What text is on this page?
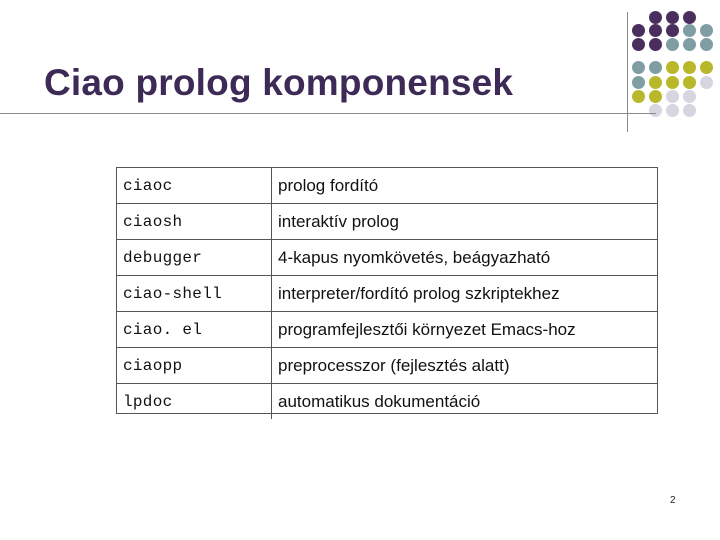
Ciao prolog komponensek
ciaoc	prolog fordító
ciaosh	interaktív prolog
debugger	4-kapus nyomkövetés, beágyazható
ciao-shell	interpreter/fordító prolog szkriptekhez
ciao. el	programfejlesztői környezet Emacs-hoz
ciaopp	preprocesszor (fejlesztés alatt)
lpdoc	automatikus dokumentáció
2
